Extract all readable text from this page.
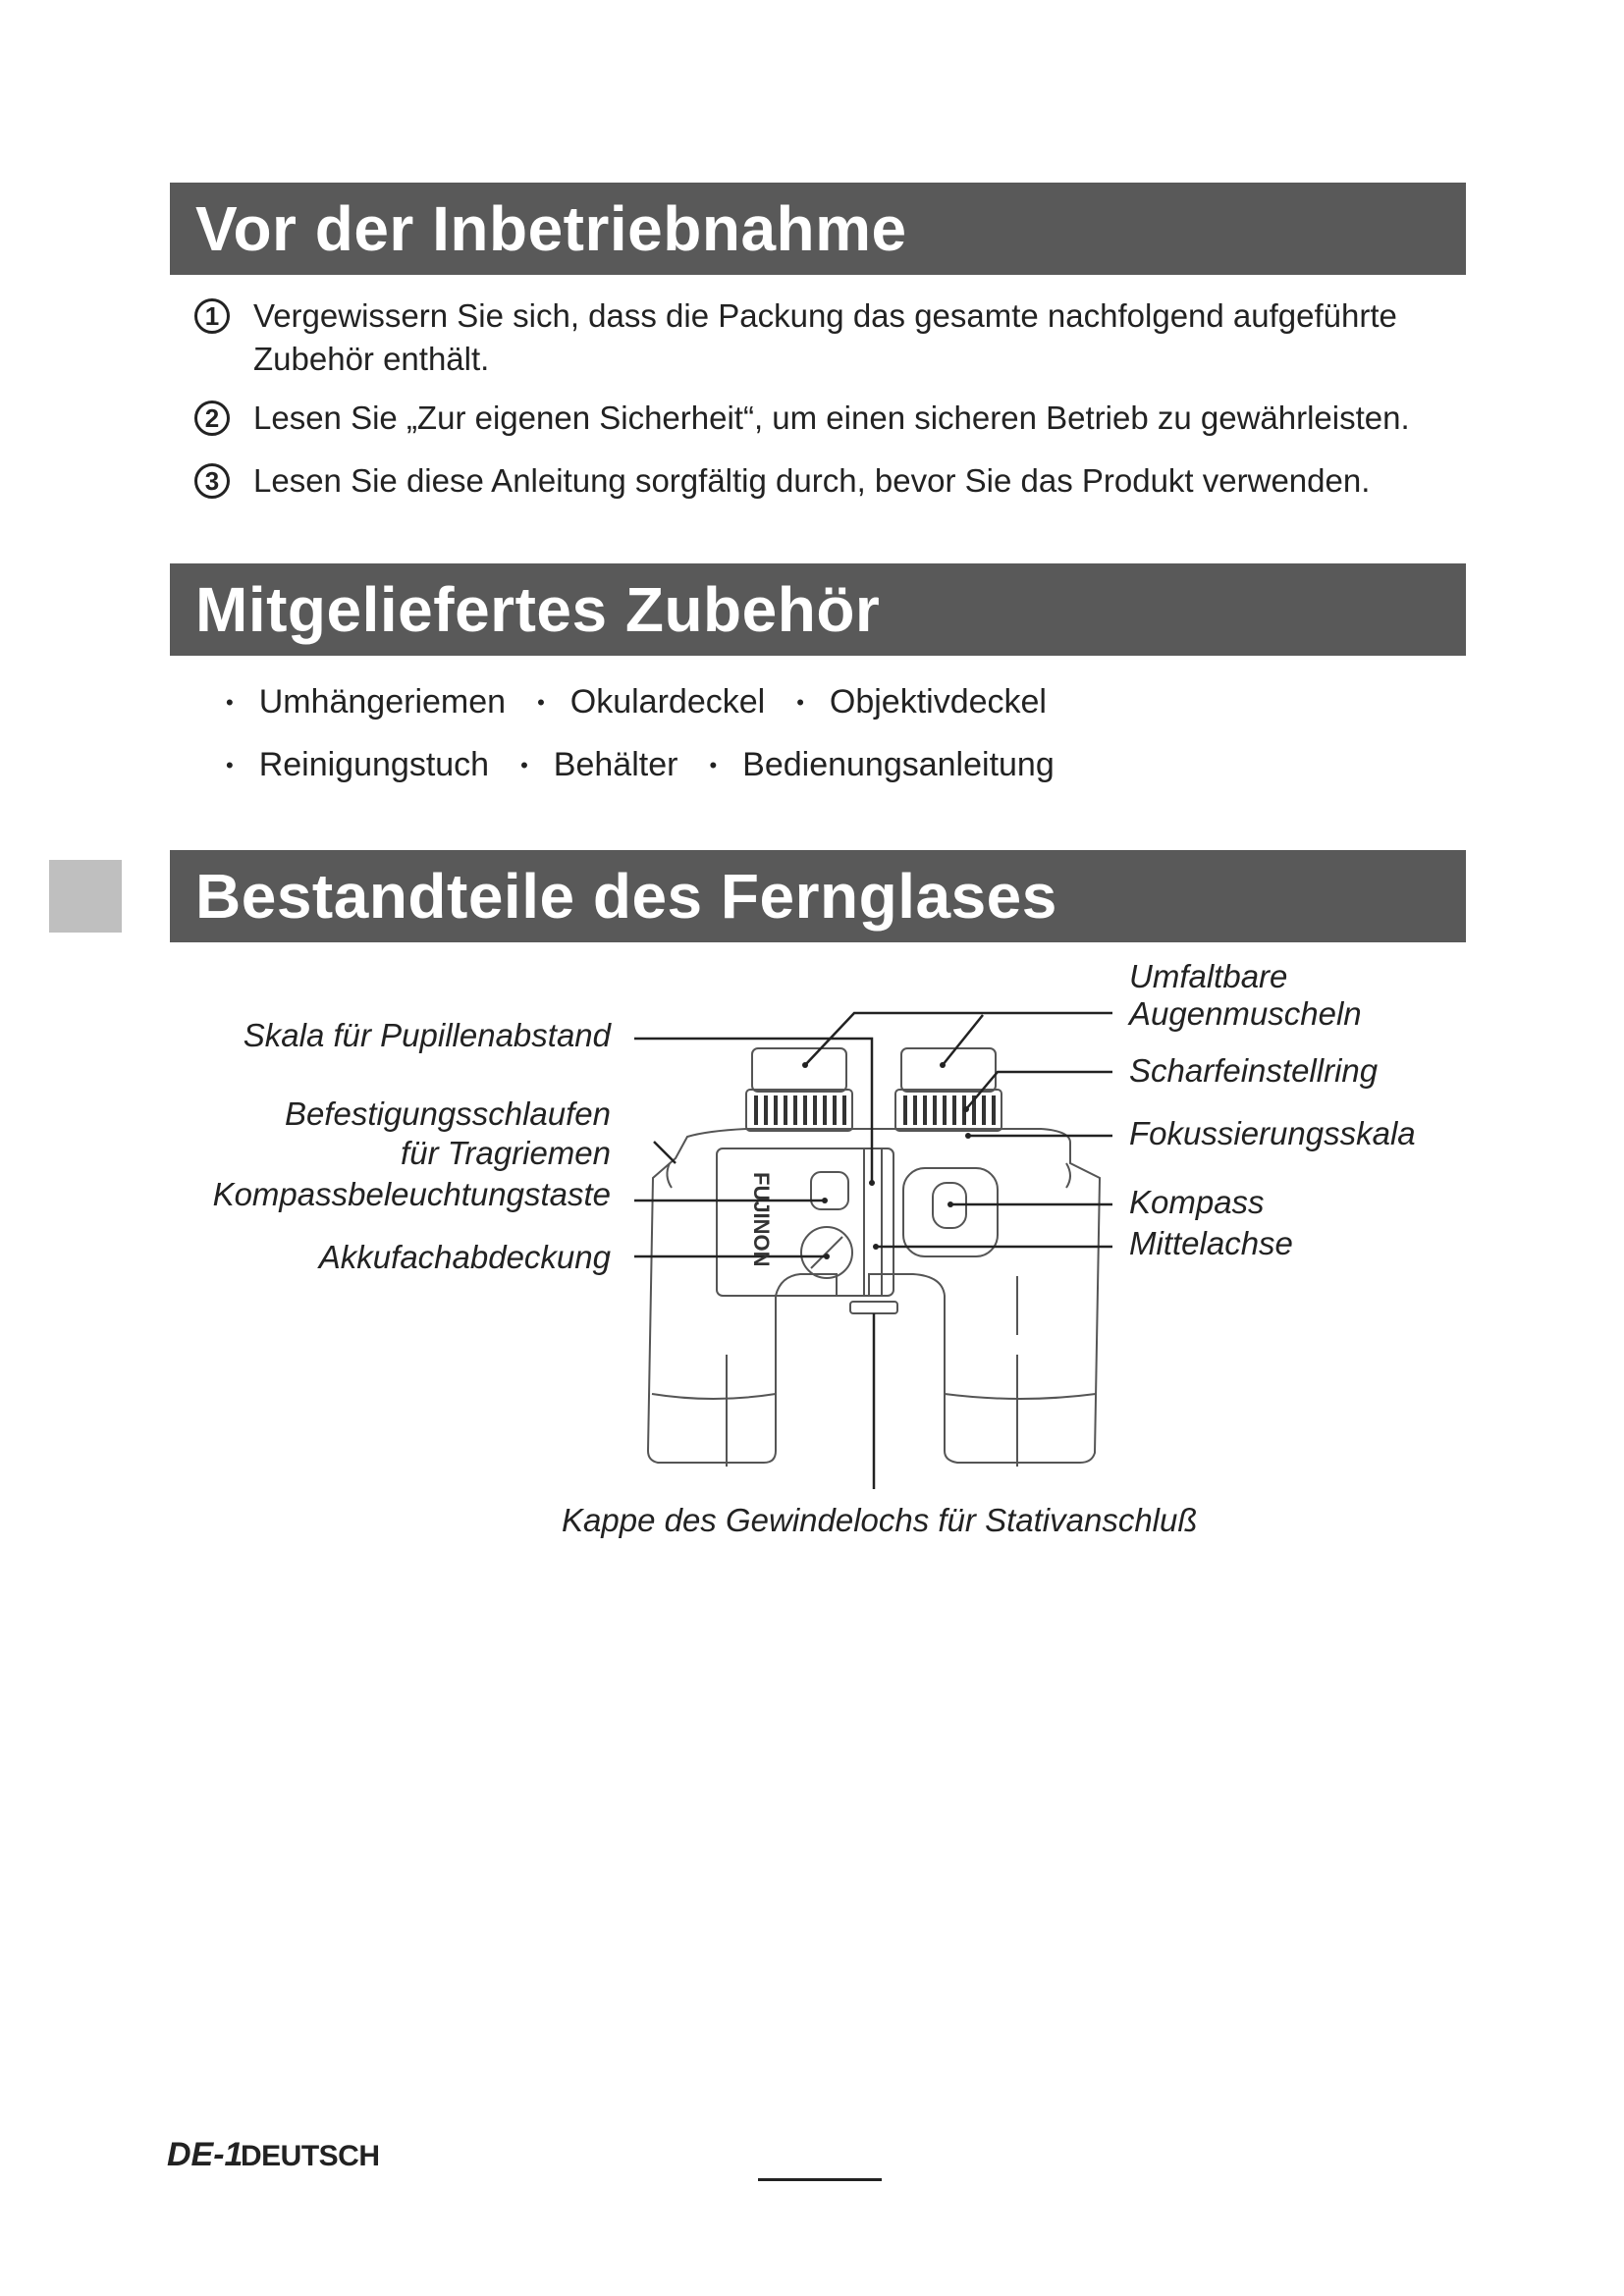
Vor der Inbetriebnahme
1	Vergewissern Sie sich, dass die Packung das gesamte nachfolgend aufgeführte Zubehör enthält.
2	Lesen Sie „Zur eigenen Sicherheit“, um einen sicheren Betrieb zu gewährleisten.
3	Lesen Sie diese Anleitung sorgfältig durch, bevor Sie das Produkt verwenden.
Mitgeliefertes Zubehör
• Umhängeriemen • Okulardeckel • Objektivdeckel
• Reinigungstuch • Behälter • Bedienungsanleitung
Bestandteile des Fernglases
FUJINON
Skala für Pupillenabstand
Befestigungsschlaufen
für Tragriemen
Kompassbeleuchtungstaste
Akkufachabdeckung
Umfaltbare
Augenmuscheln
Scharfeinstellring
Fokussierungsskala
Kompass
Mittelachse
Kappe des Gewindelochs für Stativanschluß
DE-1
DEUTSCH
